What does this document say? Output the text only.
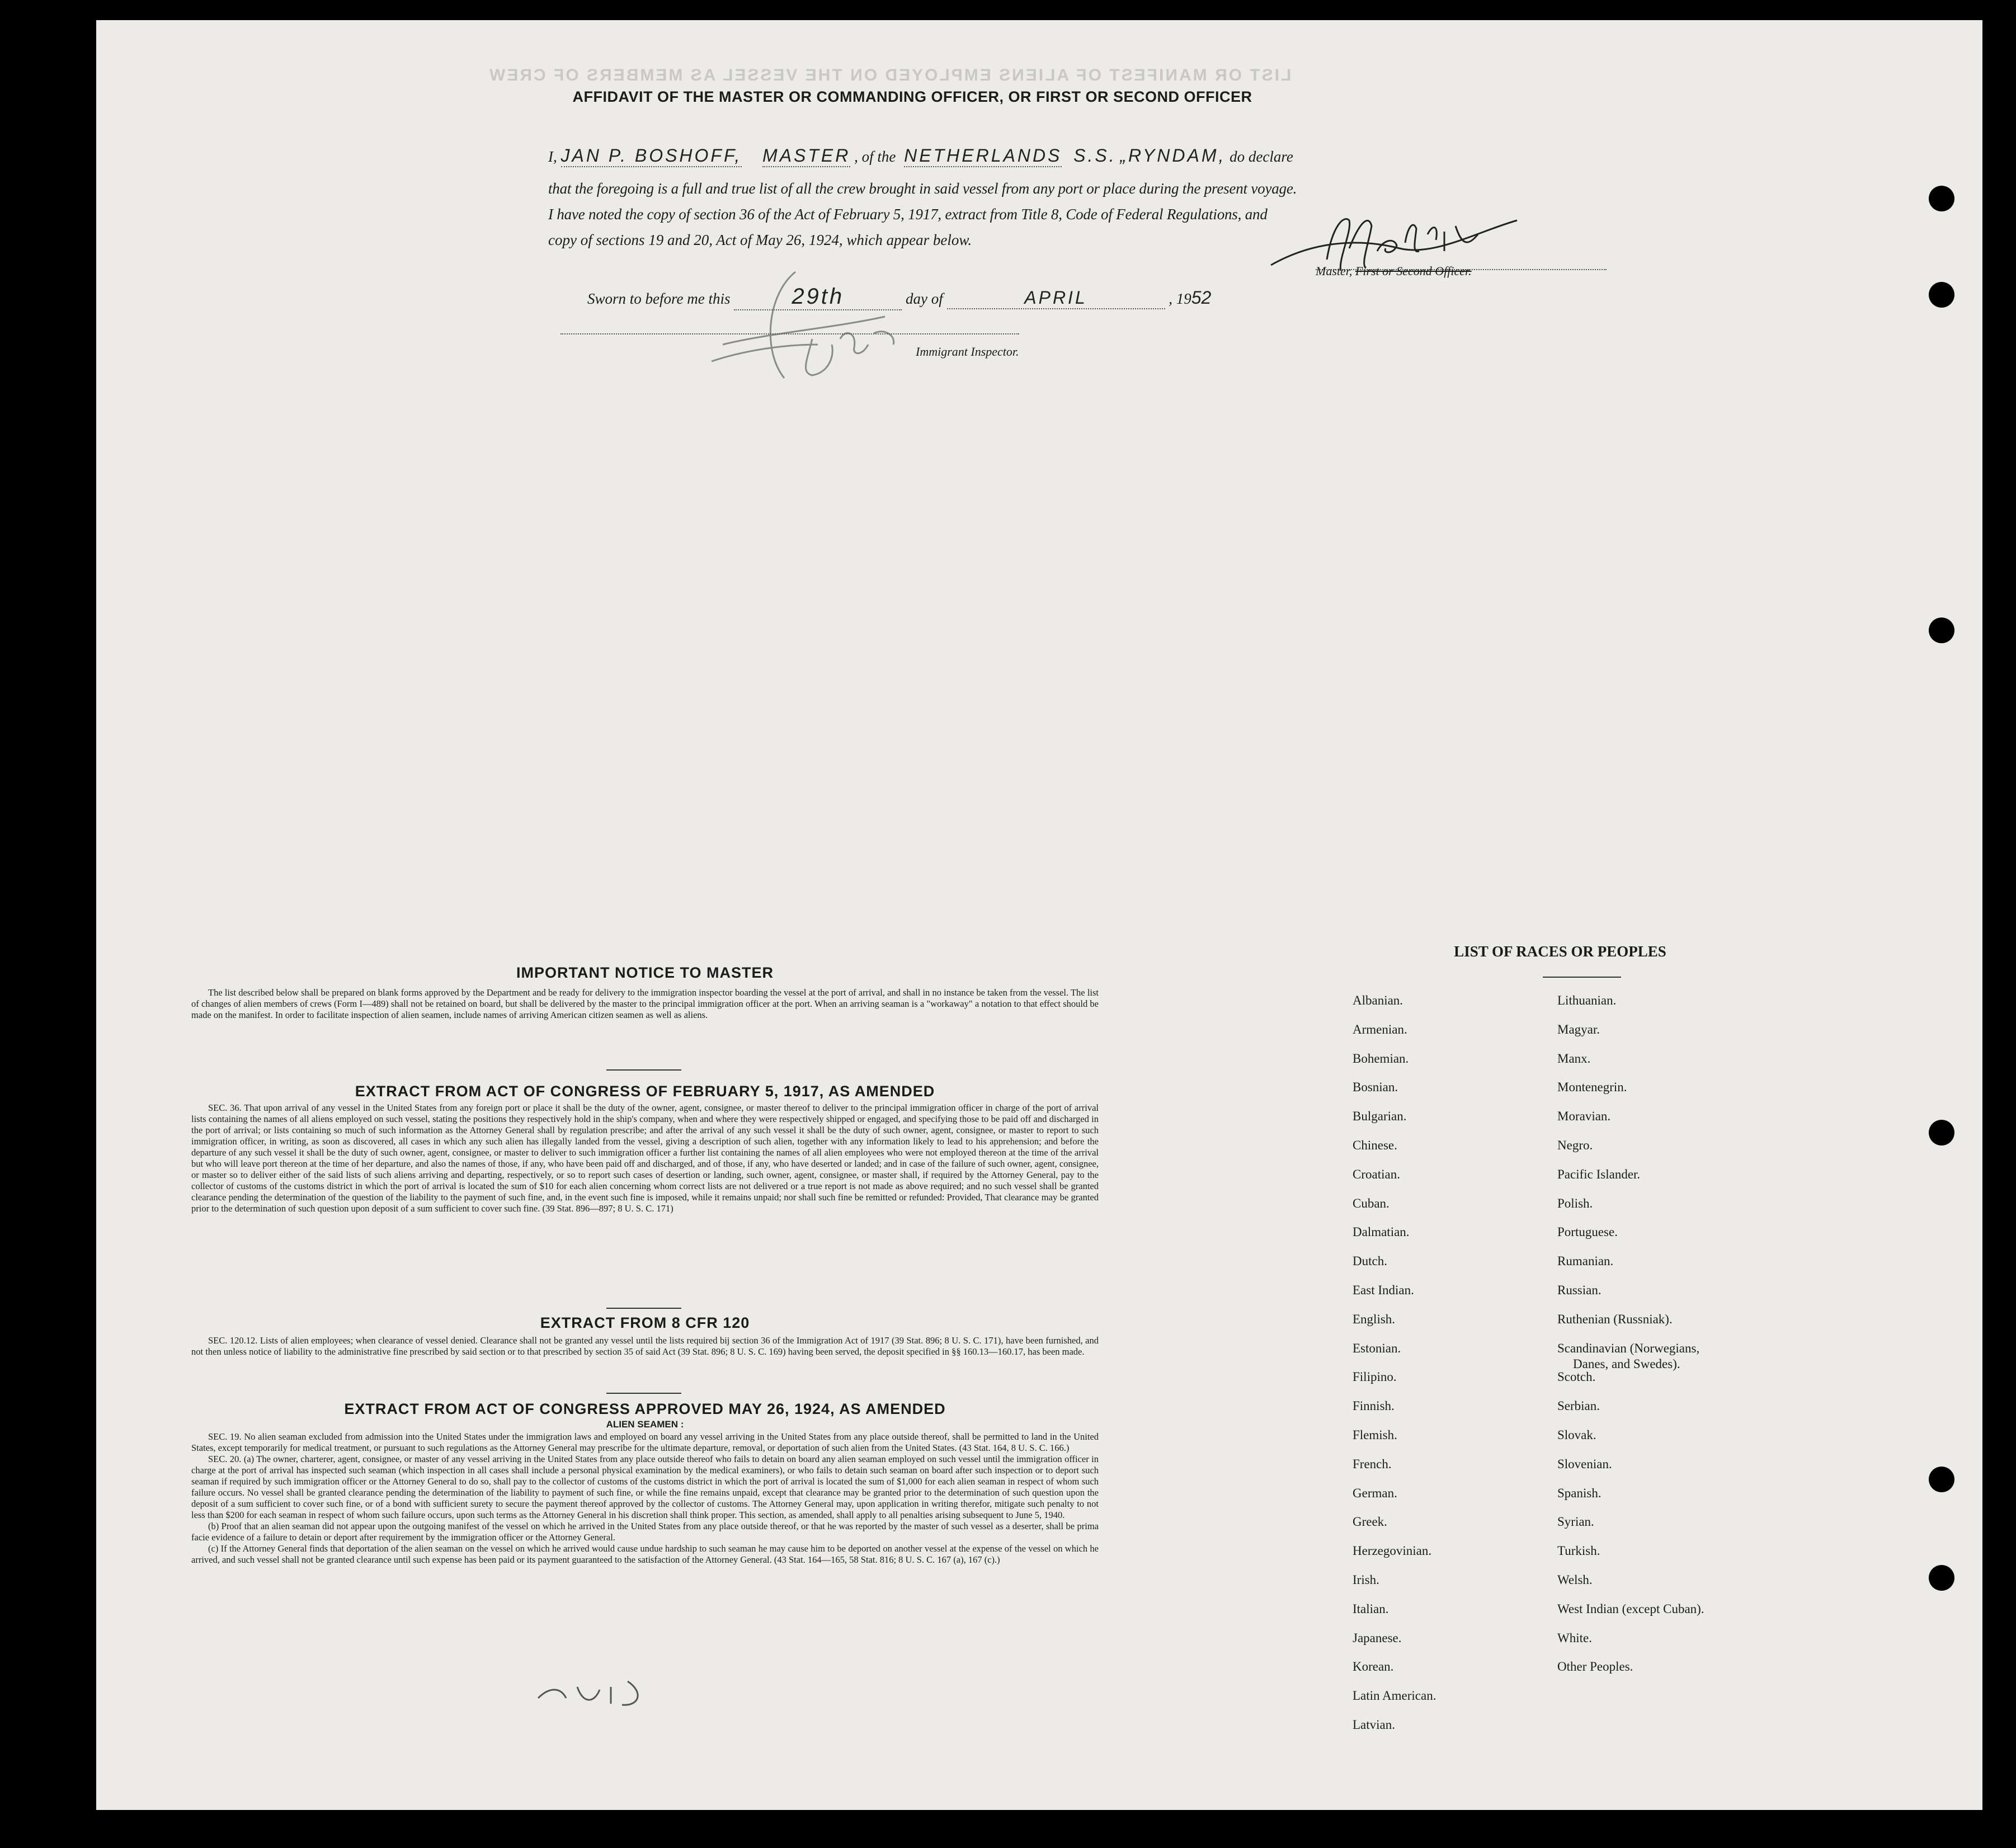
LIST OR MANIFEST OF ALIENS EMPLOYED ON THE VESSEL AS MEMBERS OF CREW
AFFIDAVIT OF THE MASTER OR COMMANDING OFFICER, OR FIRST OR SECOND OFFICER
I, JAN P. BOSHOFF, MASTER , of the NETHERLANDS S.S. „RYNDAM, do declare
that the foregoing is a full and true list of all the crew brought in said vessel from any port or place during the present voyage.
I have noted the copy of section 36 of the Act of February 5, 1917, extract from Title 8, Code of Federal Regulations, and
copy of sections 19 and 20, Act of May 26, 1924, which appear below.
Master, First or Second Officer.
Sworn to before me this	29th	day of	APRIL	, 1952
Immigrant Inspector.
IMPORTANT NOTICE TO MASTER

The list described below shall be prepared on blank forms approved by the Department and be ready for delivery to the immigration inspector boarding the vessel at the port of arrival, and shall in no instance be taken from the vessel. The list of changes of alien members of crews (Form I—489) shall not be retained on board, but shall be delivered by the master to the principal immigration officer at the port. When an arriving seaman is a "workaway" a notation to that effect should be made on the manifest. In order to facilitate inspection of alien seamen, include names of arriving American citizen seamen as well as aliens.

EXTRACT FROM ACT OF CONGRESS OF FEBRUARY 5, 1917, AS AMENDED

SEC. 36. That upon arrival of any vessel in the United States from any foreign port or place it shall be the duty of the owner, agent, consignee, or master thereof to deliver to the principal immigration officer in charge of the port of arrival lists containing the names of all aliens employed on such vessel, stating the positions they respectively hold in the ship's company, when and where they were respectively shipped or engaged, and specifying those to be paid off and discharged in the port of arrival; or lists containing so much of such information as the Attorney General shall by regulation prescribe; and after the arrival of any such vessel it shall be the duty of such owner, agent, consignee, or master to report to such immigration officer, in writing, as soon as discovered, all cases in which any such alien has illegally landed from the vessel, giving a description of such alien, together with any information likely to lead to his apprehension; and before the departure of any such vessel it shall be the duty of such owner, agent, consignee, or master to deliver to such immigration officer a further list containing the names of all alien employees who were not employed thereon at the time of the arrival but who will leave port thereon at the time of her departure, and also the names of those, if any, who have been paid off and discharged, and of those, if any, who have deserted or landed; and in case of the failure of such owner, agent, consignee, or master so to deliver either of the said lists of such aliens arriving and departing, respectively, or so to report such cases of desertion or landing, such owner, agent, consignee, or master shall, if required by the Attorney General, pay to the collector of customs of the customs district in which the port of arrival is located the sum of $10 for each alien concerning whom correct lists are not delivered or a true report is not made as above required; and no such vessel shall be granted clearance pending the determination of the question of the liability to the payment of such fine, and, in the event such fine is imposed, while it remains unpaid; nor shall such fine be remitted or refunded: Provided, That clearance may be granted prior to the determination of such question upon deposit of a sum sufficient to cover such fine. (39 Stat. 896—897; 8 U. S. C. 171)

EXTRACT FROM 8 CFR 120

SEC. 120.12. Lists of alien employees; when clearance of vessel denied. Clearance shall not be granted any vessel until the lists required bij section 36 of the Immigration Act of 1917 (39 Stat. 896; 8 U. S. C. 171), have been furnished, and not then unless notice of liability to the administrative fine prescribed by said section or to that prescribed by section 35 of said Act (39 Stat. 896; 8 U. S. C. 169) having been served, the deposit specified in §§ 160.13—160.17, has been made.

EXTRACT FROM ACT OF CONGRESS APPROVED MAY 26, 1924, AS AMENDED
ALIEN SEAMEN :

SEC. 19. No alien seaman excluded from admission into the United States under the immigration laws and employed on board any vessel arriving in the United States from any place outside thereof, shall be permitted to land in the United States, except temporarily for medical treatment, or pursuant to such regulations as the Attorney General may prescribe for the ultimate departure, removal, or deportation of such alien from the United States. (43 Stat. 164, 8 U. S. C. 166.)

SEC. 20. (a) The owner, charterer, agent, consignee, or master of any vessel arriving in the United States from any place outside thereof who fails to detain on board any alien seaman employed on such vessel until the immigration officer in charge at the port of arrival has inspected such seaman (which inspection in all cases shall include a personal physical examination by the medical examiners), or who fails to detain such seaman on board after such inspection or to deport such seaman if required by such immigration officer or the Attorney General to do so, shall pay to the collector of customs of the customs district in which the port of arrival is located the sum of $1,000 for each alien seaman in respect of whom such failure occurs. No vessel shall be granted clearance pending the determination of the liability to payment of such fine, or while the fine remains unpaid, except that clearance may be granted prior to the determination of such question upon the deposit of a sum sufficient to cover such fine, or of a bond with sufficient surety to secure the payment thereof approved by the collector of customs. The Attorney General may, upon application in writing therefor, mitigate such penalty to not less than $200 for each seaman in respect of whom such failure occurs, upon such terms as the Attorney General in his discretion shall think proper. This section, as amended, shall apply to all penalties arising subsequent to June 5, 1940.

(b) Proof that an alien seaman did not appear upon the outgoing manifest of the vessel on which he arrived in the United States from any place outside thereof, or that he was reported by the master of such vessel as a deserter, shall be prima facie evidence of a failure to detain or deport after requirement by the immigration officer or the Attorney General.

(c) If the Attorney General finds that deportation of the alien seaman on the vessel on which he arrived would cause undue hardship to such seaman he may cause him to be deported on another vessel at the expense of the vessel on which he arrived, and such vessel shall not be granted clearance until such expense has been paid or its payment guaranteed to the satisfaction of the Attorney General. (43 Stat. 164—165, 58 Stat. 816; 8 U. S. C. 167 (a), 167 (c).)

LIST OF RACES OR PEOPLES
Albanian.
Armenian.
Bohemian.
Bosnian.
Bulgarian.
Chinese.
Croatian.
Cuban.
Dalmatian.
Dutch.
East Indian.
English.
Estonian.
Filipino.
Finnish.
Flemish.
French.
German.
Greek.
Herzegovinian.
Irish.
Italian.
Japanese.
Korean.
Latin American.
Latvian.
Lithuanian.
Magyar.
Manx.
Montenegrin.
Moravian.
Negro.
Pacific Islander.
Polish.
Portuguese.
Rumanian.
Russian.
Ruthenian (Russniak).
Scandinavian (Norwegians,
Danes, and Swedes).
Scotch.
Serbian.
Slovak.
Slovenian.
Spanish.
Syrian.
Turkish.
Welsh.
West Indian (except Cuban).
White.
Other Peoples.
